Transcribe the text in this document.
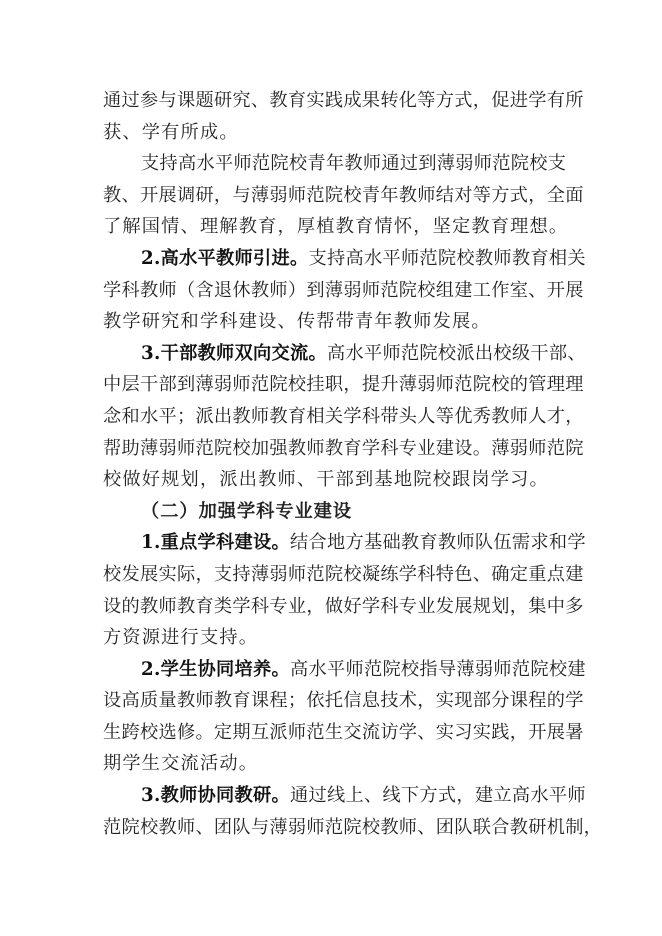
通过参与课题研究、教育实践成果转化等方式，促进学有所
获、学有所成。
支持高水平师范院校青年教师通过到薄弱师范院校支
教、开展调研，与薄弱师范院校青年教师结对等方式，全面
了解国情、理解教育，厚植教育情怀，坚定教育理想。
2.高水平教师引进。支持高水平师范院校教师教育相关
学科教师（含退休教师）到薄弱师范院校组建工作室、开展
教学研究和学科建设、传帮带青年教师发展。
3.干部教师双向交流。高水平师范院校派出校级干部、
中层干部到薄弱师范院校挂职，提升薄弱师范院校的管理理
念和水平；派出教师教育相关学科带头人等优秀教师人才，
帮助薄弱师范院校加强教师教育学科专业建设。薄弱师范院
校做好规划，派出教师、干部到基地院校跟岗学习。
（二）加强学科专业建设
1.重点学科建设。结合地方基础教育教师队伍需求和学
校发展实际，支持薄弱师范院校凝练学科特色、确定重点建
设的教师教育类学科专业，做好学科专业发展规划，集中多
方资源进行支持。
2.学生协同培养。高水平师范院校指导薄弱师范院校建
设高质量教师教育课程；依托信息技术，实现部分课程的学
生跨校选修。定期互派师范生交流访学、实习实践，开展暑
期学生交流活动。
3.教师协同教研。通过线上、线下方式，建立高水平师
范院校教师、团队与薄弱师范院校教师、团队联合教研机制，
